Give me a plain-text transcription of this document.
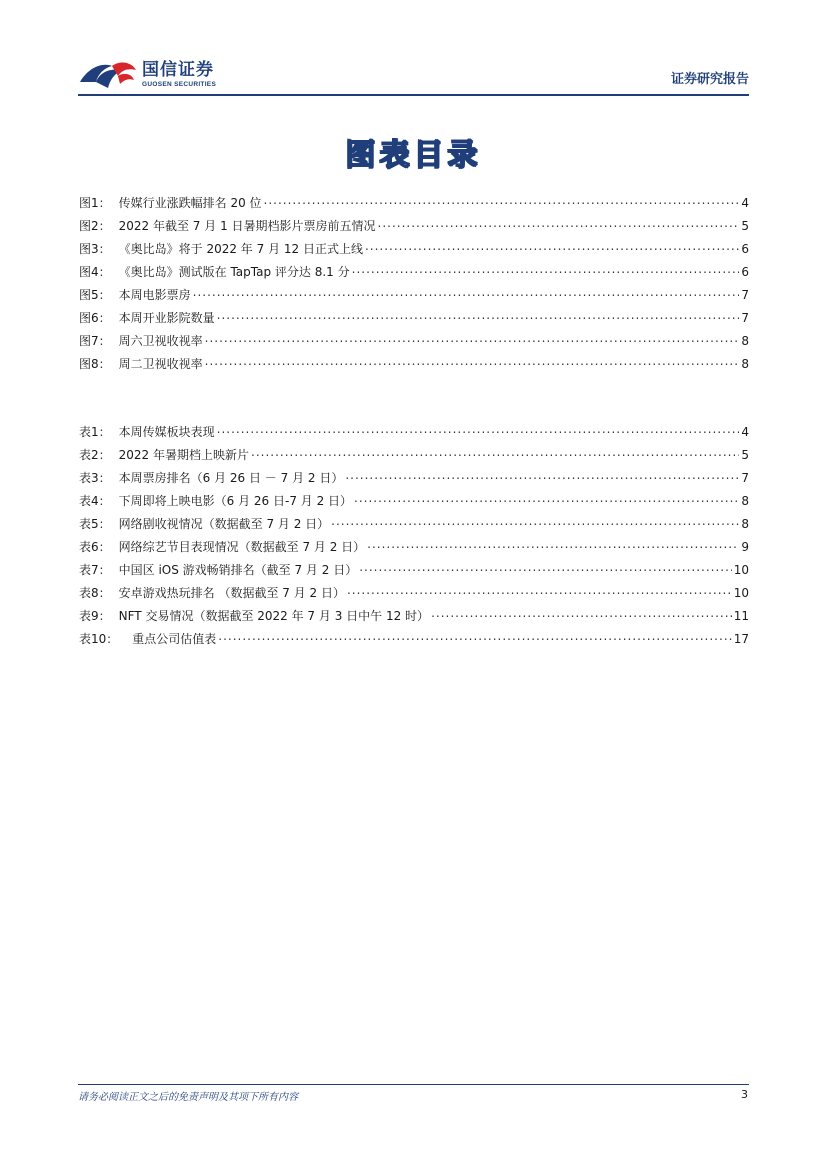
国信证券
GUOSEN SECURITIES	证券研究报告
图表目录
图1： 传媒行业涨跌幅排名 20 位 .....	4
图2： 2022 年截至 7 月 1 日暑期档影片票房前五情况 .....	5
图3： 《奥比岛》将于 2022 年 7 月 12 日正式上线 .....	6
图4： 《奥比岛》测试版在 TapTap 评分达 8.1 分 .....	6
图5： 本周电影票房 .....	7
图6： 本周开业影院数量 .....	7
图7： 周六卫视收视率 .....	8
图8： 周二卫视收视率 .....	8
表1： 本周传媒板块表现 .....	4
表2： 2022 年暑期档上映新片 .....	5
表3： 本周票房排名（6 月 26 日 － 7 月 2 日） .....	7
表4： 下周即将上映电影（6 月 26 日-7 月 2 日） .....	8
表5： 网络剧收视情况（数据截至 7 月 2 日） .....	8
表6： 网络综艺节目表现情况（数据截至 7 月 2 日） .....	9
表7： 中国区 iOS 游戏畅销排名（截至 7 月 2 日） .....	10
表8： 安卓游戏热玩排名 （数据截至 7 月 2 日） .....	10
表9： NFT 交易情况（数据截至 2022 年 7 月 3 日中午 12 时） .....	11
表10： 重点公司估值表 .....	17
请务必阅读正文之后的免责声明及其项下所有内容	3
